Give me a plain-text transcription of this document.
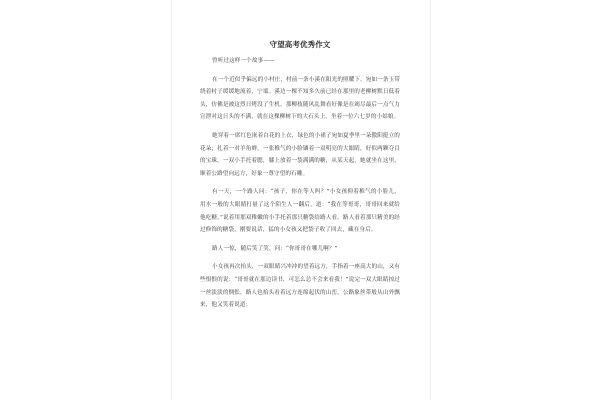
守望高考优秀作文

曾听过这样一个故事——

在一个近似乎偏远的小村庄，村前一条小溪在阳光的照耀下，宛如一条玉带绕着村子缓缓地流着，宁谧。溪边一棵不知多久前已经在那里的老柳树默日低着头，仿佛是被这烈日烤没了生机。那柳枝随风乱舞看好像是在竭尽最后一点气力宣泄对这日头的不满，就在这棵柳树下的大石头上，坐着一位六七岁的小姑娘。

她穿着一席红色嵌着白花的上衣，绿色的小裙子宛如夏季里一朵傲阳挺立的花朵；扎着一对羊角辫，一张稚气的小脸镶着一双明亮的大眼睛，好似两颗夺目的宝珠，一双小手托着腮，膝上放着一袋满满的糖，从某天起，她就坐在这里，顺着公路望向远方，好象一尊守望的石雕。

有一天，一个路人问：“孩子，你在等人吗？”小女孩仰着稚气的小脸儿，用水一般的大眼睛打量了这个陌生人一翻后，道：“我在等哥哥，哥哥回来就给他吃糖。”说着用那双稚嫩的小手托着那只糖袋给路人看。路人看着那只精美的经过修饰的糖袋，刚要说话，猛的小女孩又把袋子收了回去，藏在身后。

路人一惊，随后笑了笑，问：“你哥哥在哪儿啊？”

小女孩再次抬头，一双眼睛兴冲冲的望着远方，手指着一座高大的山，又有些恨恨的说：“哥哥就在那边读书，可怎么总不会来看我！”说完一双大眼睛掠过一丝淡淡的惆怅，路人也抬头看着远方连绵起伏的山峦，公路象丝带般从山外飘来，他又笑着说道：
